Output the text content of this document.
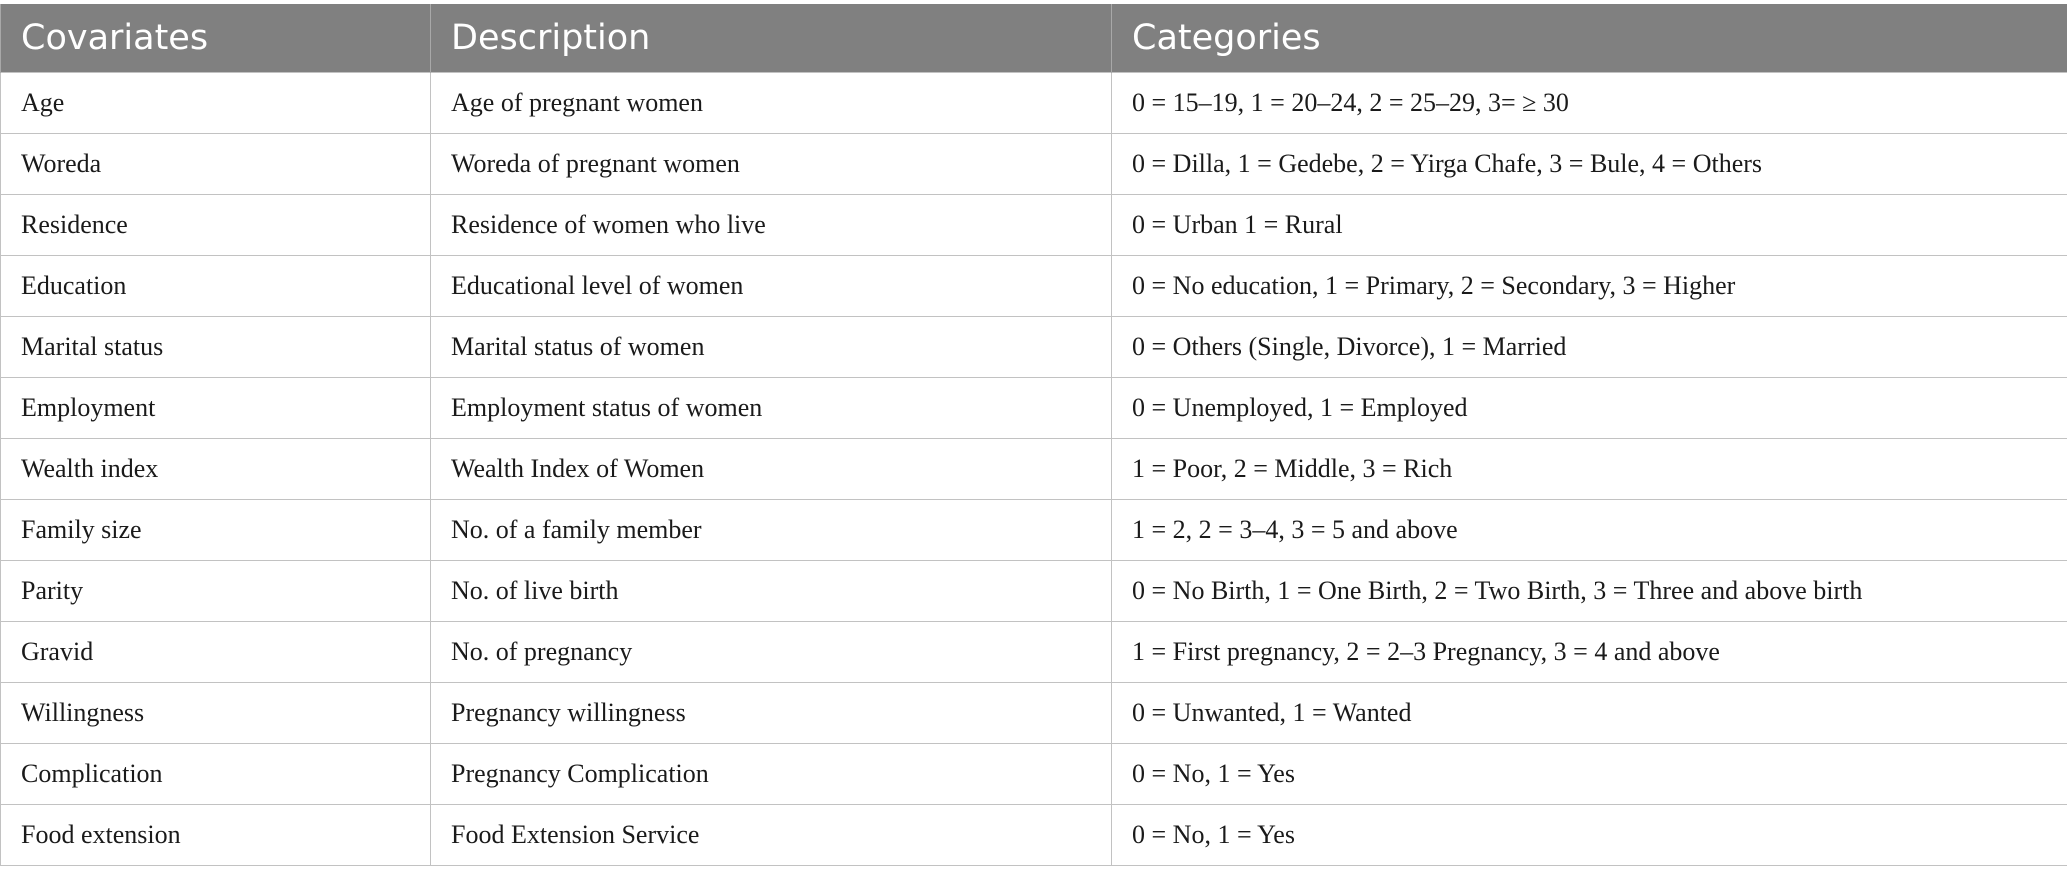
Covariates	Description	Categories
Age	Age of pregnant women	0 = 15–19, 1 = 20–24, 2 = 25–29, 3= ≥ 30
Woreda	Woreda of pregnant women	0 = Dilla, 1 = Gedebe, 2 = Yirga Chafe, 3 = Bule, 4 = Others
Residence	Residence of women who live	0 = Urban 1 = Rural
Education	Educational level of women	0 = No education, 1 = Primary, 2 = Secondary, 3 = Higher
Marital status	Marital status of women	0 = Others (Single, Divorce), 1 = Married
Employment	Employment status of women	0 = Unemployed, 1 = Employed
Wealth index	Wealth Index of Women	1 = Poor, 2 = Middle, 3 = Rich
Family size	No. of a family member	1 = 2, 2 = 3–4, 3 = 5 and above
Parity	No. of live birth	0 = No Birth, 1 = One Birth, 2 = Two Birth, 3 = Three and above birth
Gravid	No. of pregnancy	1 = First pregnancy, 2 = 2–3 Pregnancy, 3 = 4 and above
Willingness	Pregnancy willingness	0 = Unwanted, 1 = Wanted
Complication	Pregnancy Complication	0 = No, 1 = Yes
Food extension	Food Extension Service	0 = No, 1 = Yes
